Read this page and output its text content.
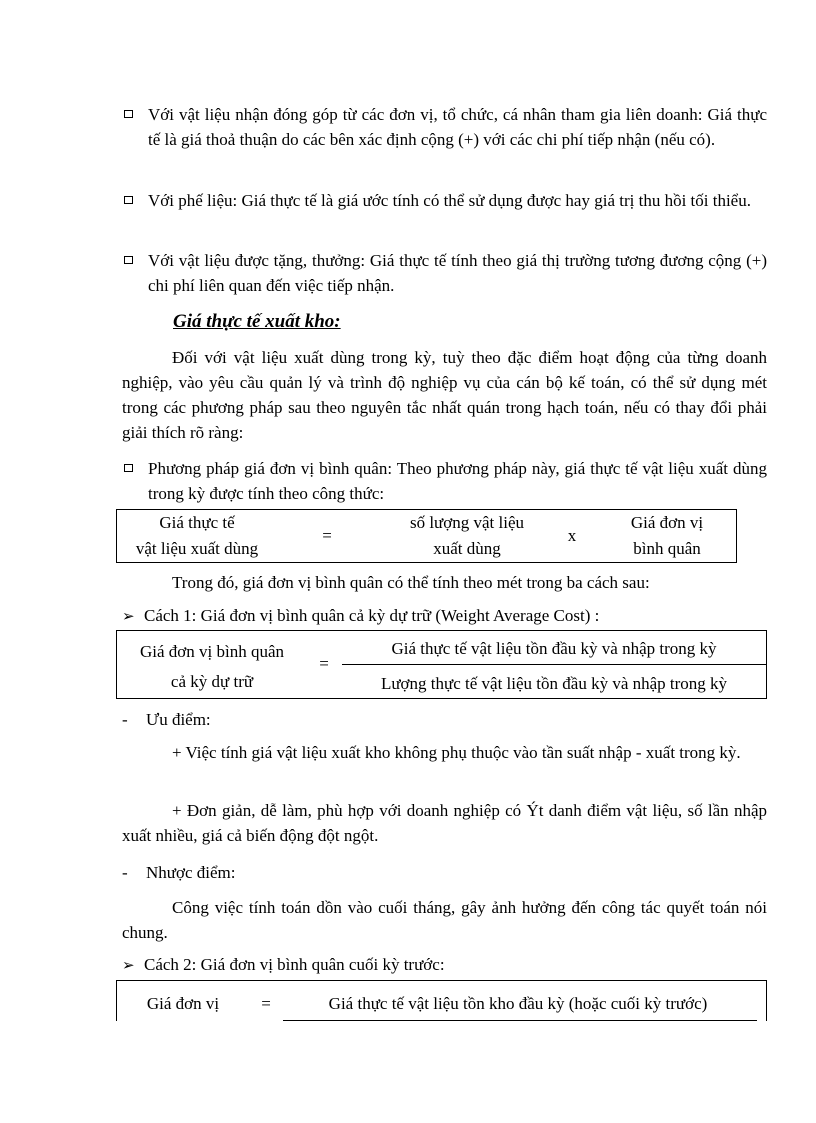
Với vật liệu nhận đóng góp từ các đơn vị, tổ chức, cá nhân tham gia liên doanh: Giá thực tế là giá thoả thuận do các bên xác định cộng (+) với các chi phí tiếp nhận (nếu có).
Với phế liệu: Giá thực tế là giá ước tính có thể sử dụng được hay giá trị thu hồi tối thiểu.
Với vật liệu được tặng, thưởng: Giá thực tế tính theo giá thị trường tương đương cộng (+) chi phí liên quan đến việc tiếp nhận.
Giá thực tế xuất kho:
Đối với vật liệu xuất dùng trong kỳ, tuỳ theo đặc điểm hoạt động của từng doanh nghiệp, vào yêu cầu quản lý và trình độ nghiệp vụ của cán bộ kế toán, có thể sử dụng mét trong các phương pháp sau theo nguyên tắc nhất quán trong hạch toán, nếu có thay đổi phải giải thích rõ ràng:
Phương pháp giá đơn vị bình quân: Theo phương pháp này, giá thực tế vật liệu xuất dùng trong kỳ được tính theo công thức:
Giá thực tế
vật liệu xuất dùng
=
số lượng vật liệu
xuất dùng
x
Giá đơn vị
bình quân
Trong đó, giá đơn vị bình quân có thể tính theo mét trong ba cách sau:
➢ Cách 1: Giá đơn vị bình quân cả kỳ dự trữ (Weight Average Cost) :
Giá đơn vị bình quân
cả kỳ dự trữ
=
Giá thực tế vật liệu tồn đầu kỳ và nhập trong kỳ
Lượng thực tế vật liệu tồn đầu kỳ và nhập trong kỳ
- Ưu điểm:
+ Việc tính giá vật liệu xuất kho không phụ thuộc vào tần suất nhập - xuất trong kỳ.
+ Đơn giản, dễ làm, phù hợp với doanh nghiệp có Ýt danh điểm vật liệu, số lần nhập xuất nhiều, giá cả biến động đột ngột.
- Nhược điểm:
Công việc tính toán dồn vào cuối tháng, gây ảnh hưởng đến công tác quyết toán nói chung.
➢ Cách 2: Giá đơn vị bình quân cuối kỳ trước:
Giá đơn vị	=	Giá thực tế vật liệu tồn kho đầu kỳ (hoặc cuối kỳ trước)
